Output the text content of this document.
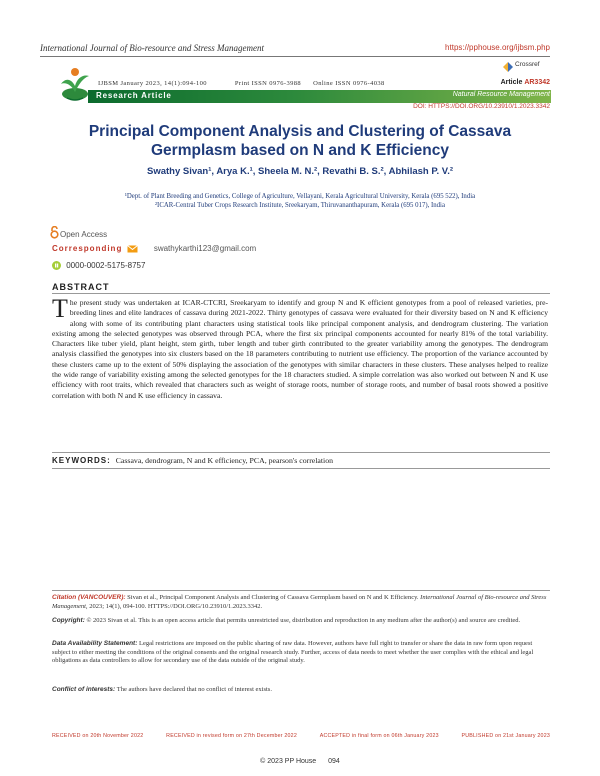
International Journal of Bio-resource and Stress Management	https://pphouse.org/ijbsm.php
Crossref
IJBSM January 2023, 14(1):094-100	Print ISSN 0976-3988 Online ISSN 0976-4038	Article AR3342
Research Article	Natural Resource Management
DOI: HTTPS://DOI.ORG/10.23910/1.2023.3342
Principal Component Analysis and Clustering of Cassava
Germplasm based on N and K Efficiency
Swathy Sivan¹, Arya K.¹, Sheela M. N.², Revathi B. S.², Abhilash P. V.²
¹Dept. of Plant Breeding and Genetics, College of Agriculture, Vellayani, Kerala Agricultural University, Kerala (695 522), India
²ICAR-Central Tuber Crops Research Institute, Sreekaryam, Thiruvananthapuram, Kerala (695 017), India
Open Access
Corresponding	swathykarthi123@gmail.com
0000-0002-5175-8757
ABSTRACT
The present study was undertaken at ICAR-CTCRI, Sreekaryam to identify and group N and K efficient genotypes from a pool of released varieties, pre-breeding lines and elite landraces of cassava during 2021-2022. Thirty genotypes of cassava were evaluated for their diversity based on N and K efficiency along with some of its contributing plant characters using statistical tools like principal component analysis, and dendrogram clustering. The variation existing among the selected genotypes was observed through PCA, where the first six principal components accounted for nearly 81% of the total variability. Characters like tuber yield, plant height, stem girth, tuber length and tuber girth contributed to the greater variability among the genotypes. The dendrogram analysis classified the genotypes into six clusters based on the 18 parameters contributing to nutrient use efficiency. The proportion of the variance accounted by these clusters came up to the extent of 50% displaying the association of the genotypes with similar characters in these clusters. These analyses helped to realize the wide range of variability existing among the selected genotypes for the 18 characters studied. A simple correlation was also worked out between N and K use efficiency with root traits, which revealed that characters such as weight of storage roots, number of storage roots, and number of basal roots showed a positive correlation with both N and K use efficiency in cassava.
KEYWORDS: Cassava, dendrogram, N and K efficiency, PCA, pearson's correlation
Citation (VANCOUVER): Sivan et al., Principal Component Analysis and Clustering of Cassava Germplasm based on N and K Efficiency. International Journal of Bio-resource and Stress Management, 2023; 14(1), 094-100. HTTPS://DOI.ORG/10.23910/1.2023.3342.
Copyright: © 2023 Sivan et al. This is an open access article that permits unrestricted use, distribution and reproduction in any medium after the author(s) and source are credited.
Data Availability Statement: Legal restrictions are imposed on the public sharing of raw data. However, authors have full right to transfer or share the data in raw form upon request subject to either meeting the conditions of the original consents and the original research study. Further, access of data needs to meet whether the user complies with the ethical and legal obligations as data controllers to allow for secondary use of the data outside of the original study.
Conflict of interests: The authors have declared that no conflict of interest exists.
RECEIVED on 20th November 2022	RECEIVED in revised form on 27th December 2022	ACCEPTED in final form on 06th January 2023	PUBLISHED on 21st January 2023
© 2023 PP House 094
